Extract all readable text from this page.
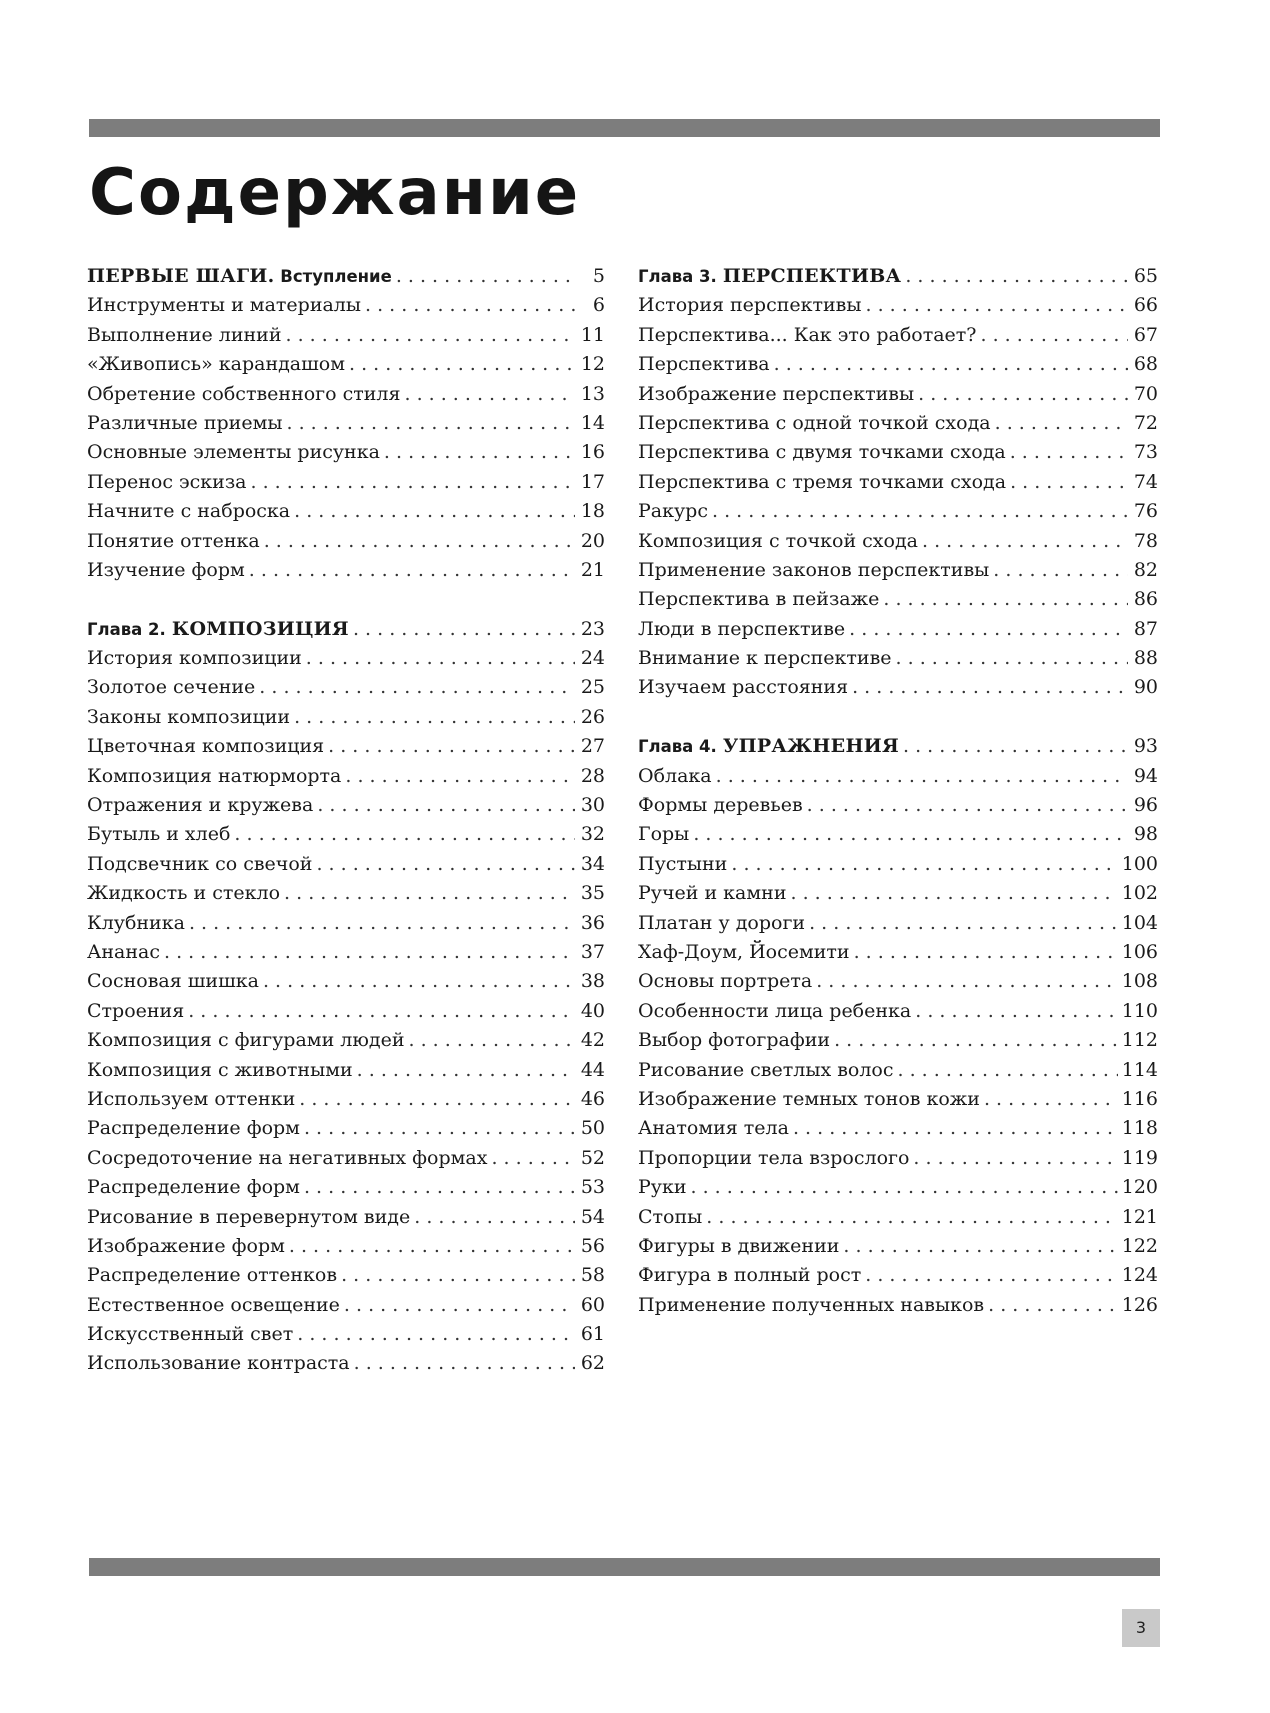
Содержание
ПЕРВЫЕ ШАГИ. Вступление . . .	5
Инструменты и материалы . . .	6
Выполнение линий . . .	11
«Живопись» карандашом . . .	12
Обретение собственного стиля . . .	13
Различные приемы . . .	14
Основные элементы рисунка . . .	16
Перенос эскиза . . .	17
Начните с наброска . . .	18
Понятие оттенка . . .	20
Изучение форм . . .	21
Глава 2. КОМПОЗИЦИЯ . . .	23
История композиции . . .	24
Золотое сечение . . .	25
Законы композиции . . .	26
Цветочная композиция . . .	27
Композиция натюрморта . . .	28
Отражения и кружева . . .	30
Бутыль и хлеб . . .	32
Подсвечник со свечой . . .	34
Жидкость и стекло . . .	35
Клубника . . .	36
Ананас . . .	37
Сосновая шишка . . .	38
Строения . . .	40
Композиция с фигурами людей . . .	42
Композиция с животными . . .	44
Используем оттенки . . .	46
Распределение форм . . .	50
Сосредоточение на негативных формах . . .	52
Распределение форм . . .	53
Рисование в перевернутом виде . . .	54
Изображение форм . . .	56
Распределение оттенков . . .	58
Естественное освещение . . .	60
Искусственный свет . . .	61
Использование контраста . . .	62
Глава 3. ПЕРСПЕКТИВА . . .	65
История перспективы . . .	66
Перспектива... Как это работает? . . .	67
Перспектива . . .	68
Изображение перспективы . . .	70
Перспектива с одной точкой схода . . .	72
Перспектива с двумя точками схода . . .	73
Перспектива с тремя точками схода . . .	74
Ракурс . . .	76
Композиция с точкой схода . . .	78
Применение законов перспективы . . .	82
Перспектива в пейзаже . . .	86
Люди в перспективе . . .	87
Внимание к перспективе . . .	88
Изучаем расстояния . . .	90
Глава 4. УПРАЖНЕНИЯ . . .	93
Облака . . .	94
Формы деревьев . . .	96
Горы . . .	98
Пустыни . . .	100
Ручей и камни . . .	102
Платан у дороги . . .	104
Хаф-Доум, Йосемити . . .	106
Основы портрета . . .	108
Особенности лица ребенка . . .	110
Выбор фотографии . . .	112
Рисование светлых волос . . .	114
Изображение темных тонов кожи . . .	116
Анатомия тела . . .	118
Пропорции тела взрослого . . .	119
Руки . . .	120
Стопы . . .	121
Фигуры в движении . . .	122
Фигура в полный рост . . .	124
Применение полученных навыков . . .	126
3
